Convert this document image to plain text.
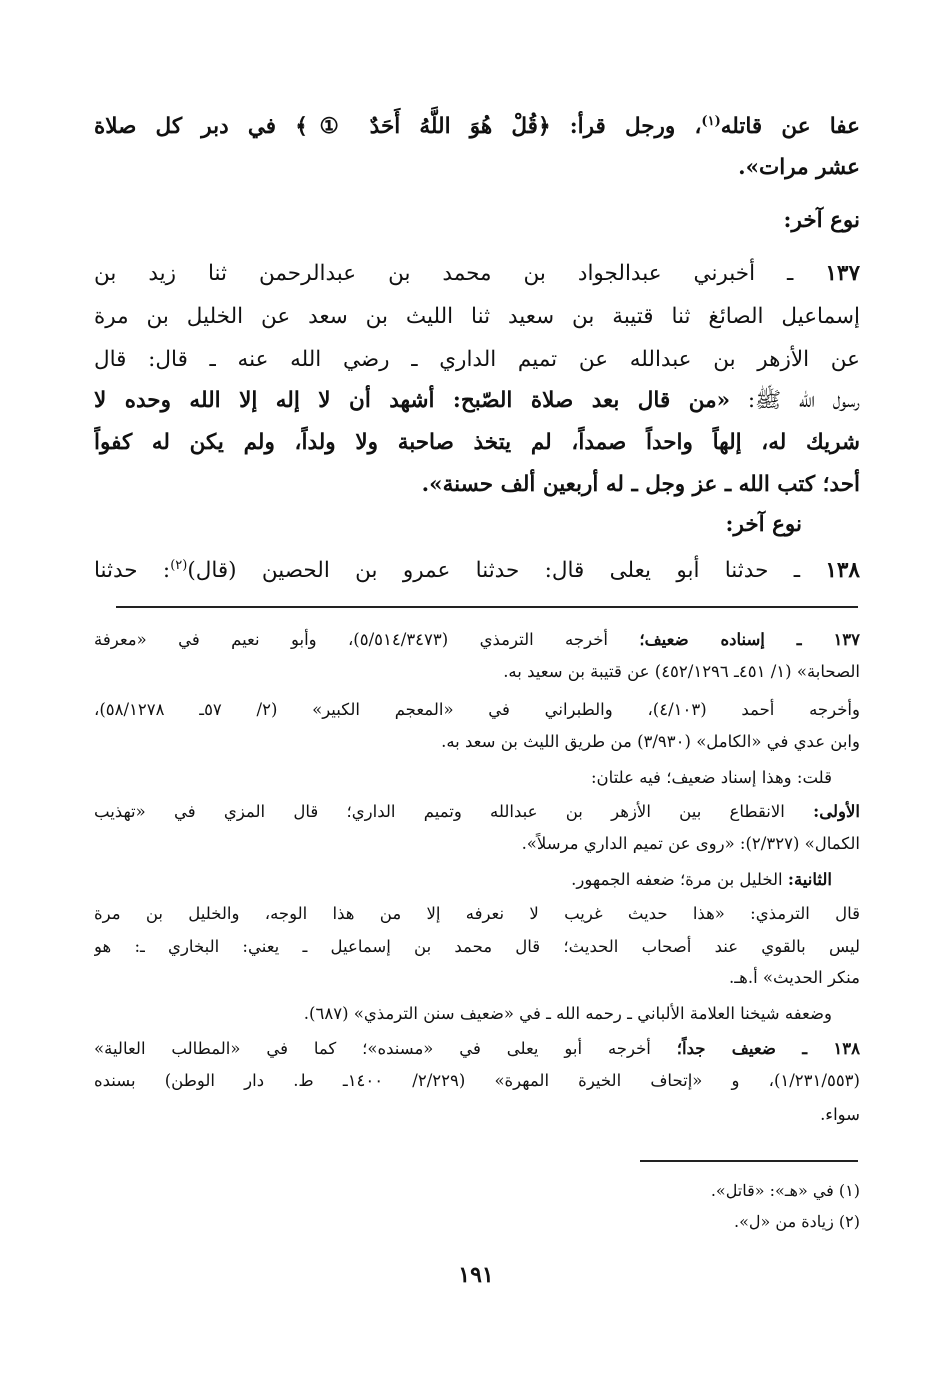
عفا عن قاتله$^{(١)}$، ورجل قرأ: ﴿قُلْ هُوَ اللَّهُ أَحَدٌ ①﴾ في دبر كل صلاة
عشر مرات».
نوع آخر:
١٣٧ ـ أخبرني عبدالجواد بن محمد بن عبدالرحمن ثنا زيد بن
إسماعيل الصائغ ثنا قتيبة بن سعيد ثنا الليث بن سعد عن الخليل بن مرة
عن الأزهر بن عبدالله عن تميم الداري ـ رضي الله عنه ـ قال: قال
رسول الله ﷺ: «من قال بعد صلاة الصّبح: أشهد أن لا إله إلا الله وحده لا
شريك له، إلهاً واحداً صمداً، لم يتخذ صاحبة ولا ولداً، ولم يكن له كفواً
أحد؛ كتب الله ـ عز وجل ـ له أربعين ألف حسنة».
نوع آخر:
١٣٨ ـ حدثنا أبو يعلى قال: حدثنا عمرو بن الحصين (قال)$^{(٢)}$: حدثنا
١٣٧ ـ إسناده ضعيف؛ أخرجه الترمذي (٥/٥١٤/٣٤٧٣)، وأبو نعيم في «معرفة
الصحابة» (١/ ٤٥١ـ ٤٥٢/١٢٩٦) عن قتيبة بن سعيد به.
وأخرجه أحمد (٤/١٠٣)، والطبراني في «المعجم الكبير» (٢/ ٥٧ـ ٥٨/١٢٧٨)،
وابن عدي في «الكامل» (٣/٩٣٠) من طريق الليث بن سعد به.
قلت: وهذا إسناد ضعيف؛ فيه علتان:
الأولى: الانقطاع بين الأزهر بن عبدالله وتميم الداري؛ قال المزي في «تهذيب
الكمال» (٢/٣٢٧): «روى عن تميم الداري مرسلاً».
الثانية: الخليل بن مرة؛ ضعفه الجمهور.
قال الترمذي: «هذا حديث غريب لا نعرفه إلا من هذا الوجه، والخليل بن مرة
ليس بالقوي عند أصحاب الحديث؛ قال محمد بن إسماعيل ـ يعني: البخاري ـ: هو
منكر الحديث» أ.هـ.
وضعفه شيخنا العلامة الألباني ـ رحمه الله ـ في «ضعيف سنن الترمذي» (٦٨٧).
١٣٨ ـ ضعيف جداً؛ أخرجه أبو يعلى في «مسنده»؛ كما في «المطالب العالية»
(١/٢٣١/٥٥٣)، و «إتحاف الخيرة المهرة» (٢/٢٢٩/ ١٤٠٠ـ ط. دار الوطن) بسنده
سواء.
(١) في «هـ»: «قاتل».
(٢) زيادة من «ل».
١٩١
